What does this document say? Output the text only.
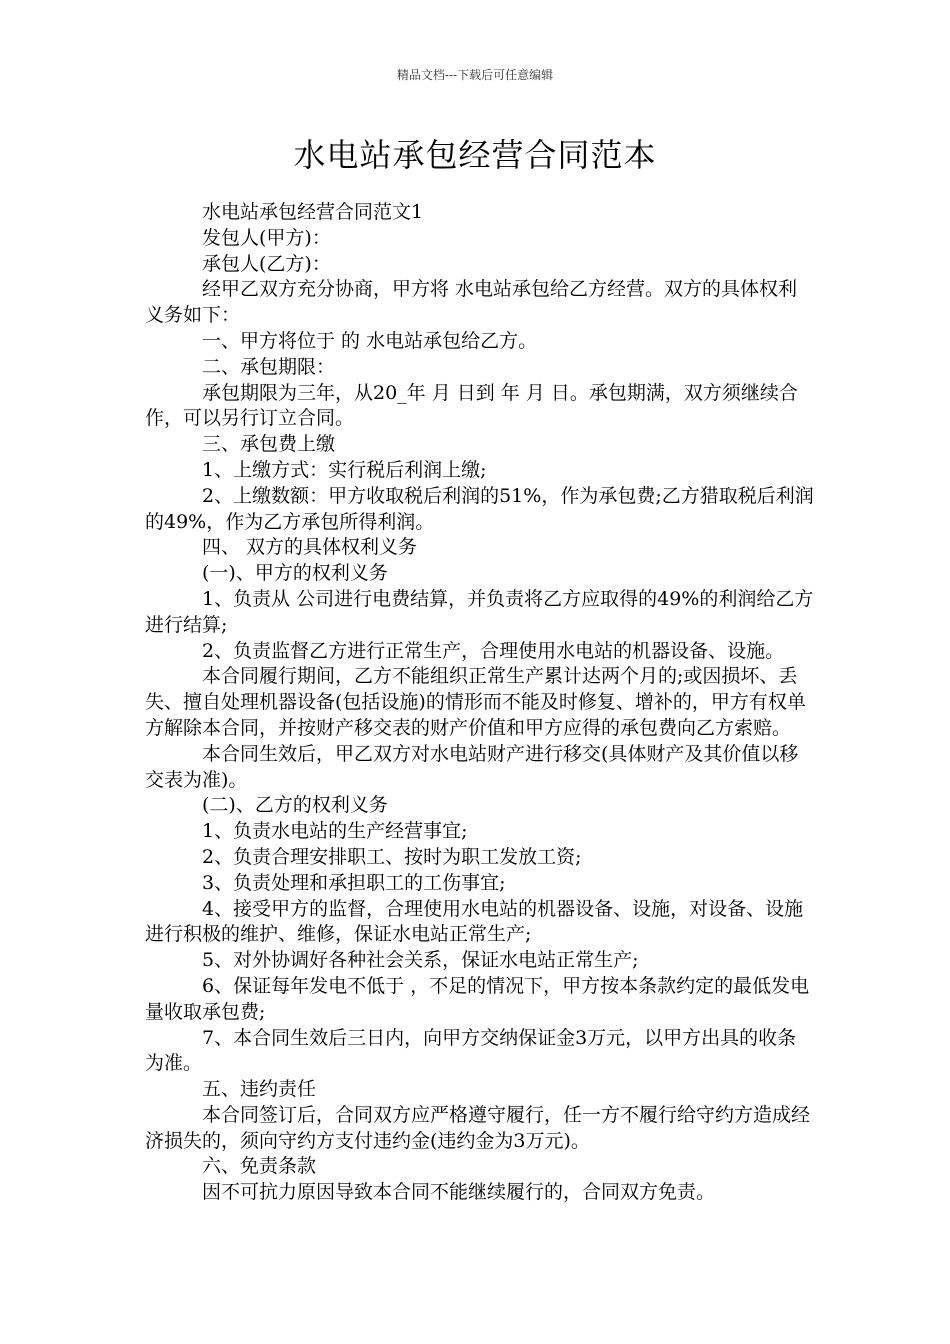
精品文档---下载后可任意编辑
水电站承包经营合同范本

水电站承包经营合同范文1

发包人(甲方)：

承包人(乙方)：

经甲乙双方充分协商，甲方将 水电站承包给乙方经营。双方的具体权利义务如下：

一、甲方将位于 的 水电站承包给乙方。

二、承包期限：

承包期限为三年，从20_年 月 日到 年 月 日。承包期满，双方须继续合作，可以另行订立合同。

三、承包费上缴

1、上缴方式：实行税后利润上缴;

2、上缴数额：甲方收取税后利润的51%，作为承包费;乙方猎取税后利润的49%，作为乙方承包所得利润。

四、 双方的具体权利义务

(一)、甲方的权利义务

1、负责从 公司进行电费结算，并负责将乙方应取得的49%的利润给乙方进行结算;

2、负责监督乙方进行正常生产，合理使用水电站的机器设备、设施。

本合同履行期间，乙方不能组织正常生产累计达两个月的;或因损坏、丢失、擅自处理机器设备(包括设施)的情形而不能及时修复、增补的，甲方有权单方解除本合同，并按财产移交表的财产价值和甲方应得的承包费向乙方索赔。

本合同生效后，甲乙双方对水电站财产进行移交(具体财产及其价值以移交表为准)。

(二)、乙方的权利义务

1、负责水电站的生产经营事宜;

2、负责合理安排职工、按时为职工发放工资;

3、负责处理和承担职工的工伤事宜;

4、接受甲方的监督，合理使用水电站的机器设备、设施，对设备、设施进行积极的维护、维修，保证水电站正常生产;

5、对外协调好各种社会关系，保证水电站正常生产;

6、保证每年发电不低于 ，不足的情况下，甲方按本条款约定的最低发电量收取承包费;

7、本合同生效后三日内，向甲方交纳保证金3万元，以甲方出具的收条为准。

五、违约责任

本合同签订后，合同双方应严格遵守履行，任一方不履行给守约方造成经济损失的，须向守约方支付违约金(违约金为3万元)。

六、免责条款

因不可抗力原因导致本合同不能继续履行的，合同双方免责。
